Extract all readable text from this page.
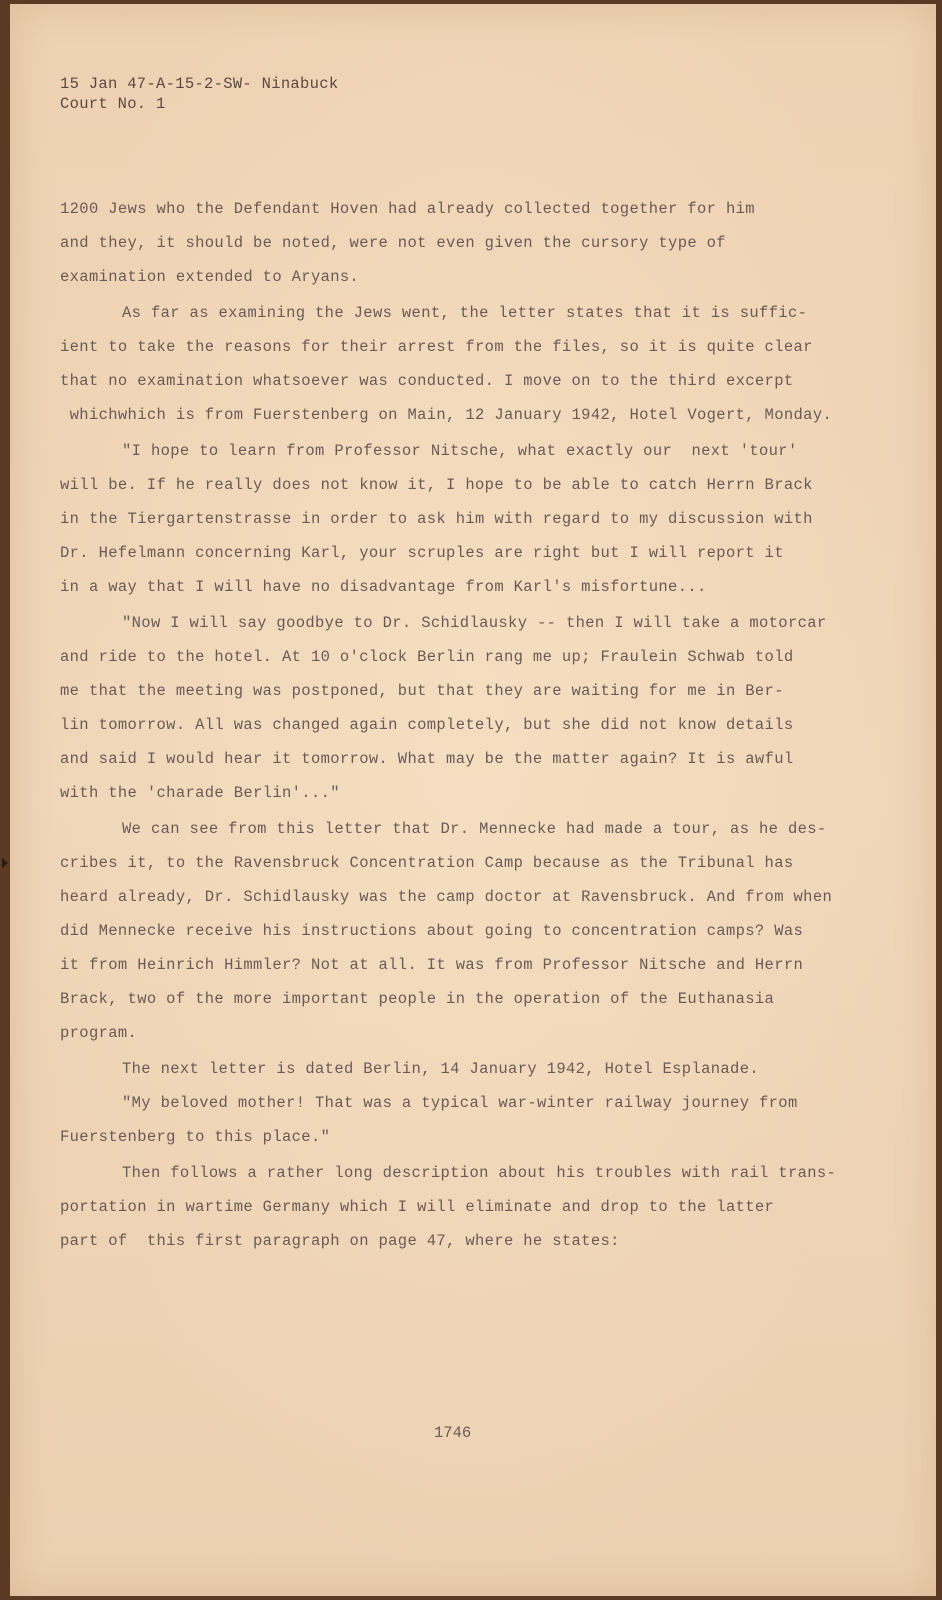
15 Jan 47-A-15-2-SW- Ninabuck
Court No. 1
1200 Jews who the Defendant Hoven had already collected together for him
and they, it should be noted, were not even given the cursory type of
examination extended to Aryans.
As far as examining the Jews went, the letter states that it is suffic-
ient to take the reasons for their arrest from the files, so it is quite clear
that no examination whatsoever was conducted. I move on to the third excerpt
whichwhich is from Fuerstenberg on Main, 12 January 1942, Hotel Vogert, Monday.
"I hope to learn from Professor Nitsche, what exactly our  next 'tour'
will be. If he really does not know it, I hope to be able to catch Herrn Brack
in the Tiergartenstrasse in order to ask him with regard to my discussion with
Dr. Hefelmann concerning Karl, your scruples are right but I will report it
in a way that I will have no disadvantage from Karl's misfortune...
"Now I will say goodbye to Dr. Schidlausky -- then I will take a motorcar
and ride to the hotel. At 10 o'clock Berlin rang me up; Fraulein Schwab told
me that the meeting was postponed, but that they are waiting for me in Ber-
lin tomorrow. All was changed again completely, but she did not know details
and said I would hear it tomorrow. What may be the matter again? It is awful
with the 'charade Berlin'..."
We can see from this letter that Dr. Mennecke had made a tour, as he des-
cribes it, to the Ravensbruck Concentration Camp because as the Tribunal has
heard already, Dr. Schidlausky was the camp doctor at Ravensbruck. And from when
did Mennecke receive his instructions about going to concentration camps? Was
it from Heinrich Himmler? Not at all. It was from Professor Nitsche and Herrn
Brack, two of the more important people in the operation of the Euthanasia
program.
The next letter is dated Berlin, 14 January 1942, Hotel Esplanade.
"My beloved mother! That was a typical war-winter railway journey from
Fuerstenberg to this place."
Then follows a rather long description about his troubles with rail trans-
portation in wartime Germany which I will eliminate and drop to the latter
part of  this first paragraph on page 47, where he states:
1746
